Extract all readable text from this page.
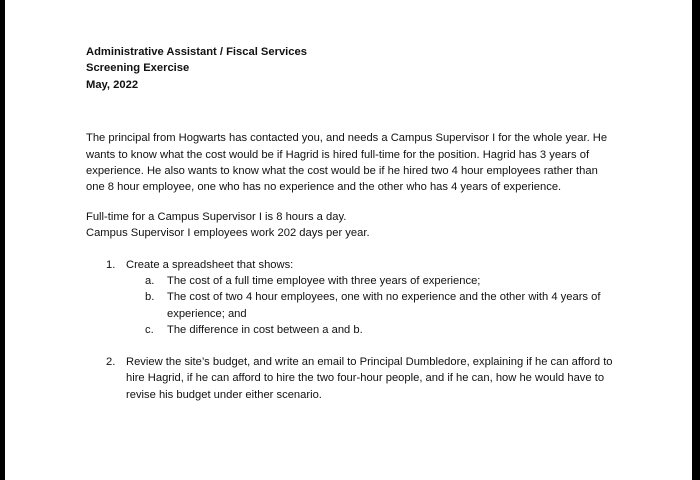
Administrative Assistant / Fiscal Services
Screening Exercise
May, 2022

The principal from Hogwarts has contacted you, and needs a Campus Supervisor I for the whole year. He wants to know what the cost would be if Hagrid is hired full-time for the position. Hagrid has 3 years of experience. He also wants to know what the cost would be if he hired two 4 hour employees rather than one 8 hour employee, one who has no experience and the other who has 4 years of experience.

Full-time for a Campus Supervisor I is 8 hours a day.
Campus Supervisor I employees work 202 days per year.
1. Create a spreadsheet that shows:
a. The cost of a full time employee with three years of experience;
b. The cost of two 4 hour employees, one with no experience and the other with 4 years of experience; and
c. The difference in cost between a and b.
2. Review the site’s budget, and write an email to Principal Dumbledore, explaining if he can afford to hire Hagrid, if he can afford to hire the two four-hour people, and if he can, how he would have to revise his budget under either scenario.
